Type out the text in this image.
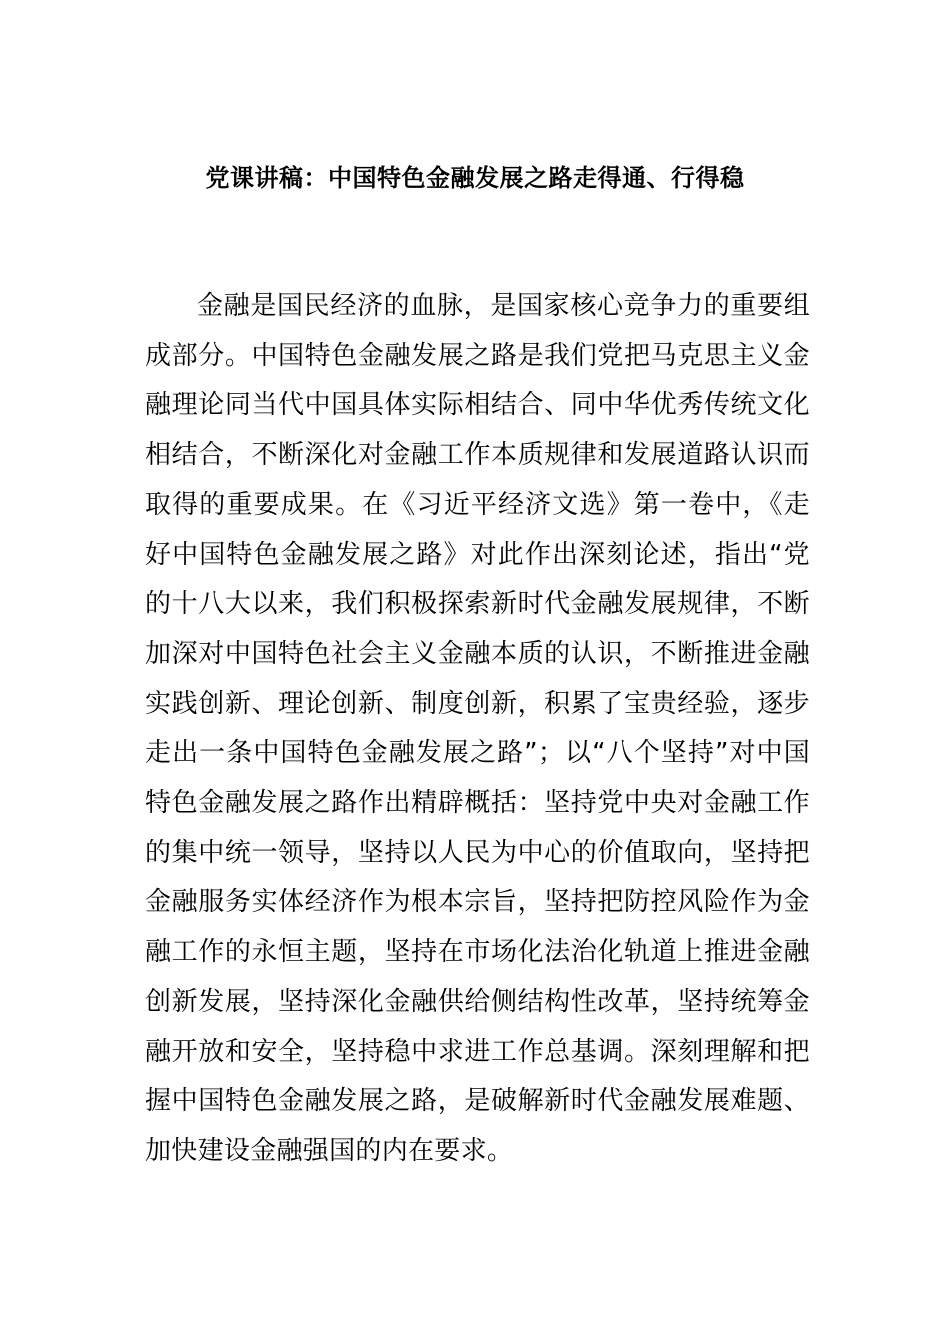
党课讲稿：中国特色金融发展之路走得通、行得稳

金融是国民经济的血脉，是国家核心竞争力的重要组成部分。中国特色金融发展之路是我们党把马克思主义金融理论同当代中国具体实际相结合、同中华优秀传统文化相结合，不断深化对金融工作本质规律和发展道路认识而取得的重要成果。在《习近平经济文选》第一卷中，《走好中国特色金融发展之路》对此作出深刻论述，指出“党的十八大以来，我们积极探索新时代金融发展规律，不断加深对中国特色社会主义金融本质的认识，不断推进金融实践创新、理论创新、制度创新，积累了宝贵经验，逐步走出一条中国特色金融发展之路”；以“八个坚持”对中国特色金融发展之路作出精辟概括：坚持党中央对金融工作的集中统一领导，坚持以人民为中心的价值取向，坚持把金融服务实体经济作为根本宗旨，坚持把防控风险作为金融工作的永恒主题，坚持在市场化法治化轨道上推进金融创新发展，坚持深化金融供给侧结构性改革，坚持统筹金融开放和安全，坚持稳中求进工作总基调。深刻理解和把握中国特色金融发展之路，是破解新时代金融发展难题、加快建设金融强国的内在要求。
